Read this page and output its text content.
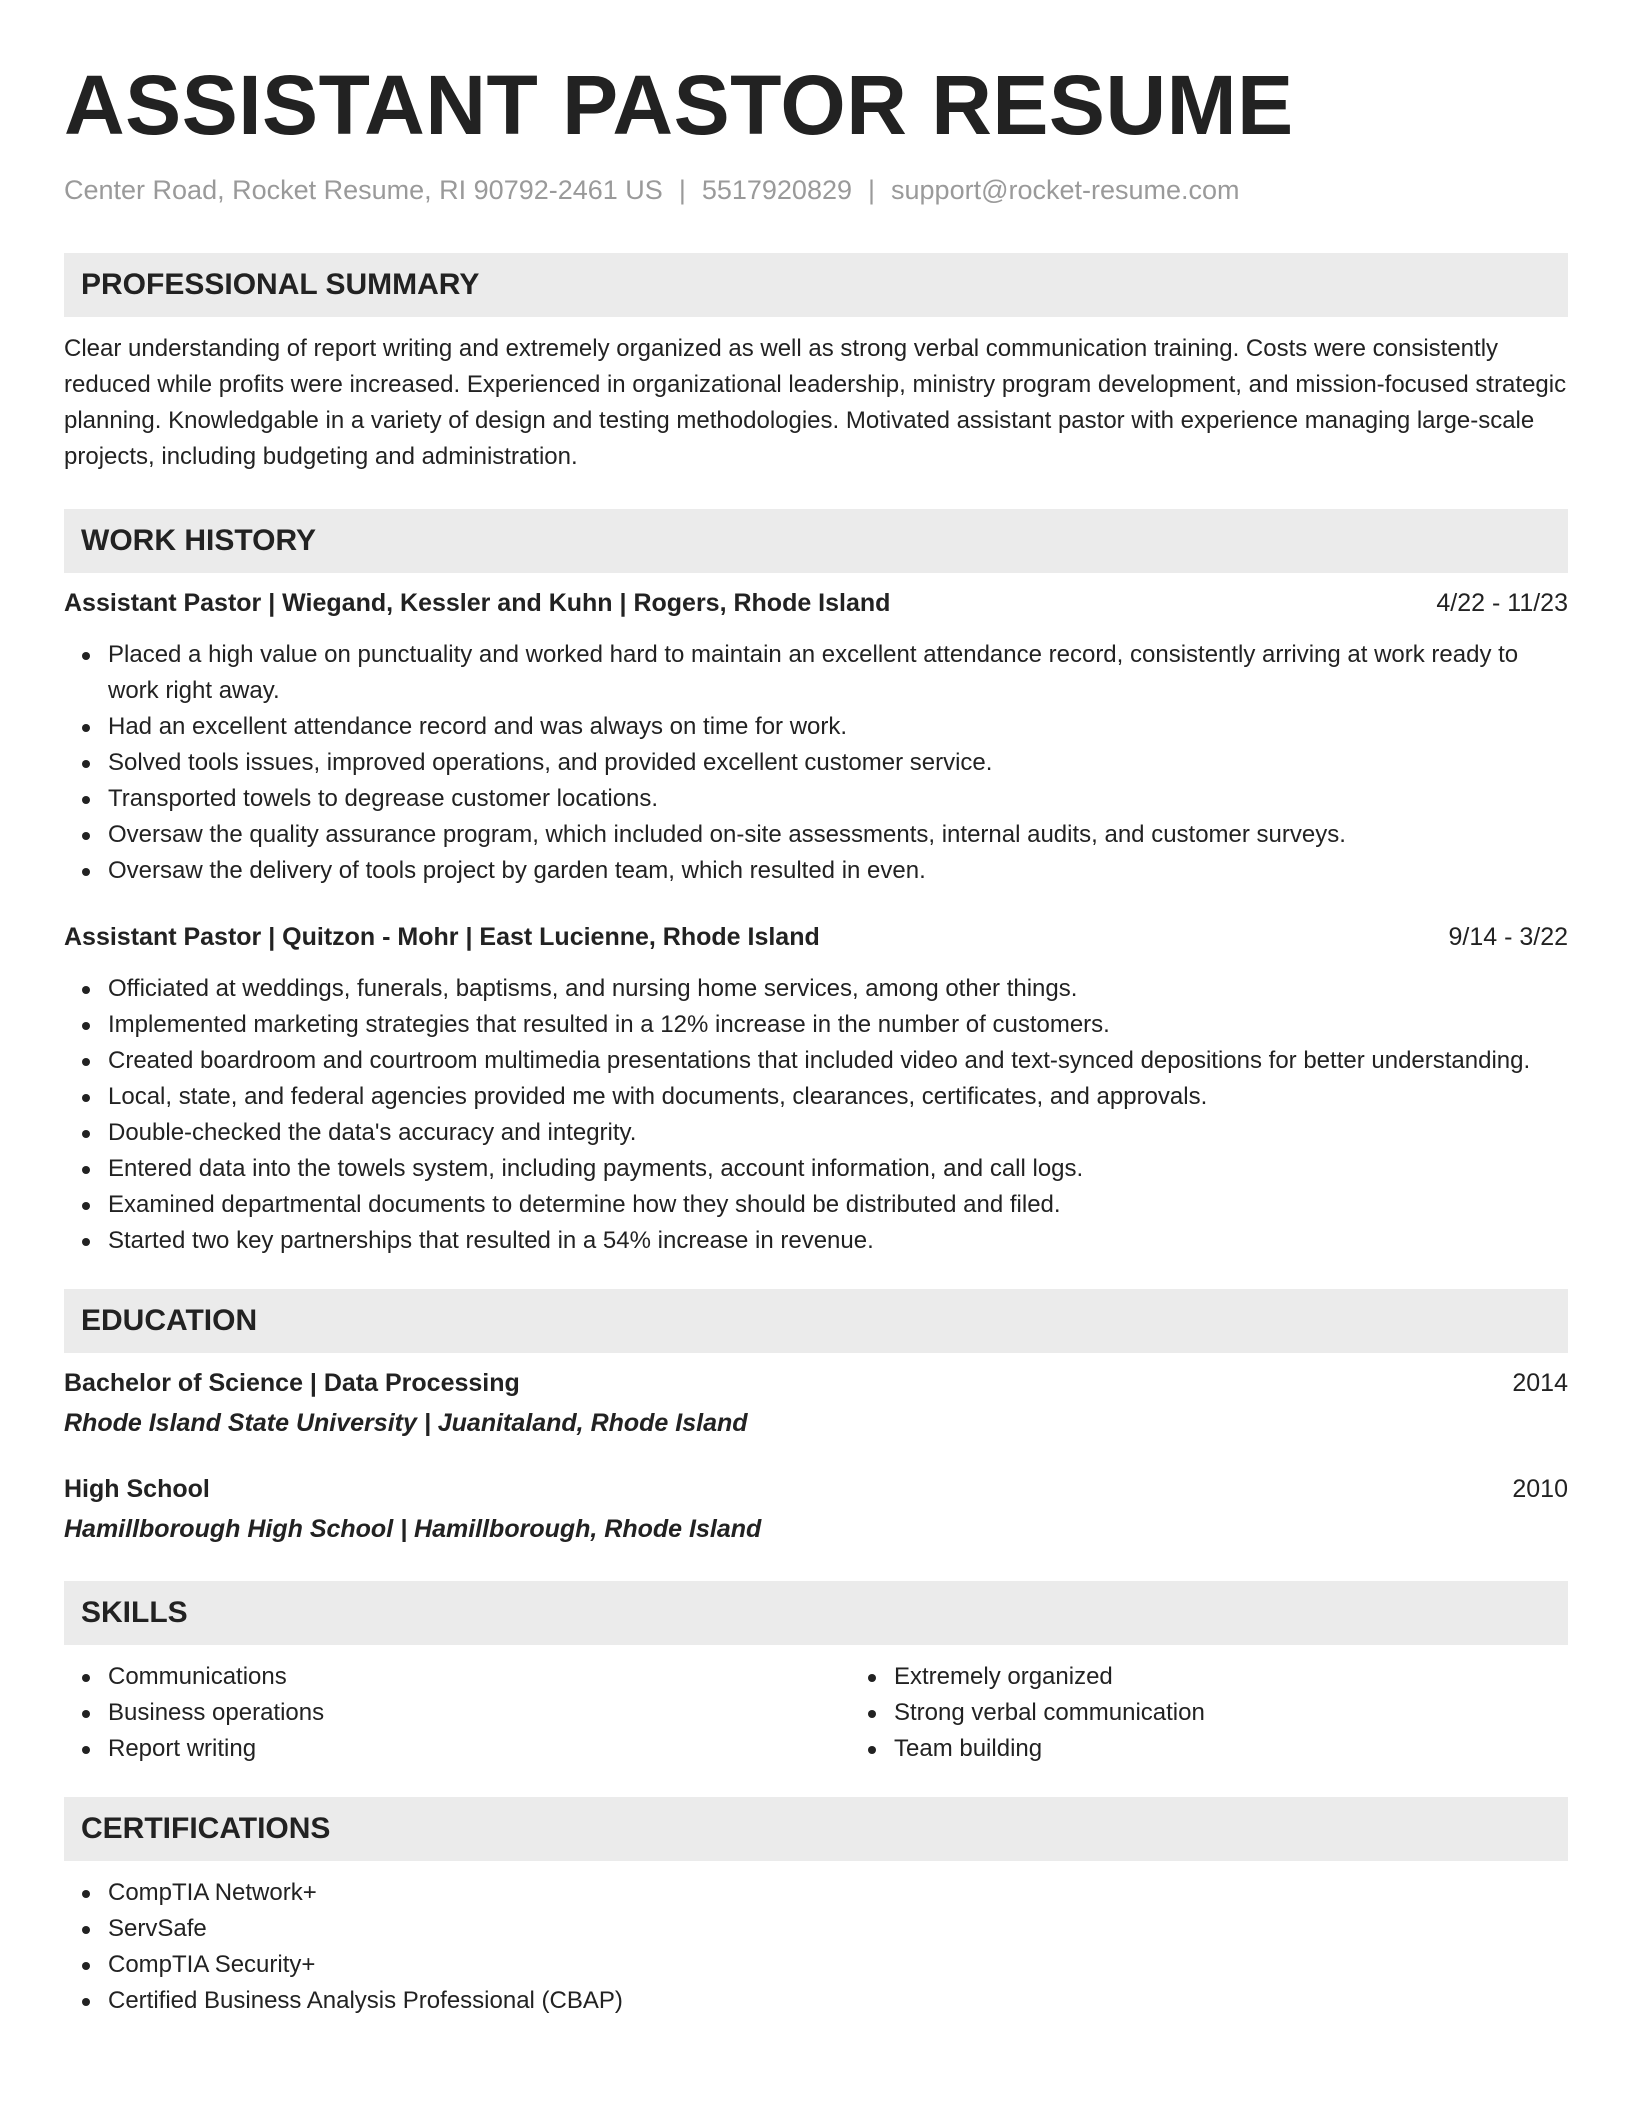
ASSISTANT PASTOR RESUME
Center Road, Rocket Resume, RI 90792-2461 US | 5517920829 | support@rocket-resume.com
PROFESSIONAL SUMMARY
Clear understanding of report writing and extremely organized as well as strong verbal communication training. Costs were consistently reduced while profits were increased. Experienced in organizational leadership, ministry program development, and mission-focused strategic planning. Knowledgable in a variety of design and testing methodologies. Motivated assistant pastor with experience managing large-scale projects, including budgeting and administration.
WORK HISTORY
Assistant Pastor | Wiegand, Kessler and Kuhn | Rogers, Rhode Island	4/22 - 11/23
Placed a high value on punctuality and worked hard to maintain an excellent attendance record, consistently arriving at work ready to work right away.
Had an excellent attendance record and was always on time for work.
Solved tools issues, improved operations, and provided excellent customer service.
Transported towels to degrease customer locations.
Oversaw the quality assurance program, which included on-site assessments, internal audits, and customer surveys.
Oversaw the delivery of tools project by garden team, which resulted in even.
Assistant Pastor | Quitzon - Mohr | East Lucienne, Rhode Island	9/14 - 3/22
Officiated at weddings, funerals, baptisms, and nursing home services, among other things.
Implemented marketing strategies that resulted in a 12% increase in the number of customers.
Created boardroom and courtroom multimedia presentations that included video and text-synced depositions for better understanding.
Local, state, and federal agencies provided me with documents, clearances, certificates, and approvals.
Double-checked the data's accuracy and integrity.
Entered data into the towels system, including payments, account information, and call logs.
Examined departmental documents to determine how they should be distributed and filed.
Started two key partnerships that resulted in a 54% increase in revenue.
EDUCATION
Bachelor of Science | Data Processing	2014
Rhode Island State University | Juanitaland, Rhode Island
High School	2010
Hamillborough High School | Hamillborough, Rhode Island
SKILLS
Communications
Business operations
Report writing
Extremely organized
Strong verbal communication
Team building
CERTIFICATIONS
CompTIA Network+
ServSafe
CompTIA Security+
Certified Business Analysis Professional (CBAP)
